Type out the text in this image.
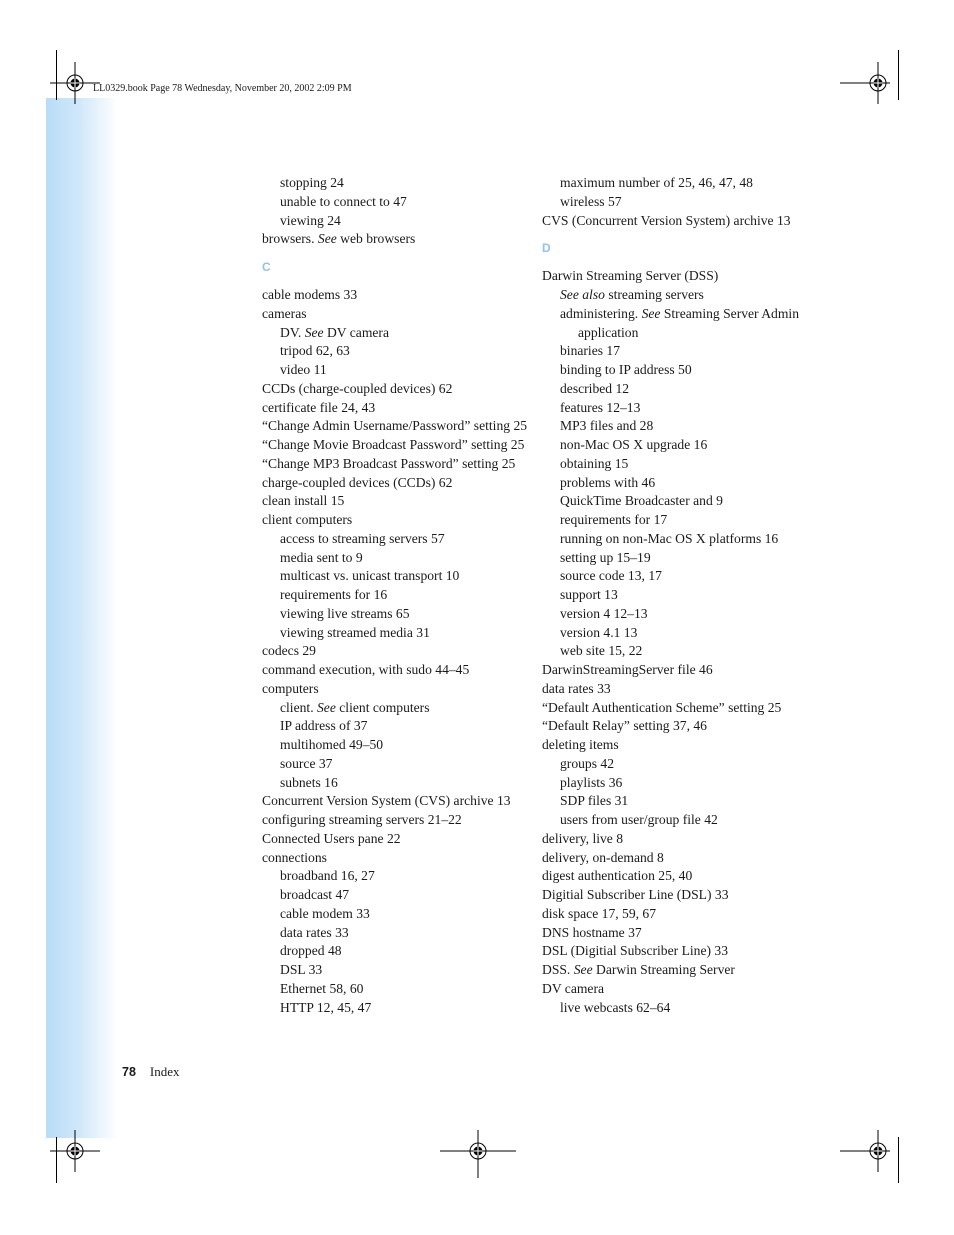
LL0329.book Page 78 Wednesday, November 20, 2002 2:09 PM
stopping 24
unable to connect to 47
viewing 24
browsers. See web browsers
C
cable modems 33
cameras
DV. See DV camera
tripod 62, 63
video 11
CCDs (charge-coupled devices) 62
certificate file 24, 43
“Change Admin Username/Password” setting 25
“Change Movie Broadcast Password” setting 25
“Change MP3 Broadcast Password” setting 25
charge-coupled devices (CCDs) 62
clean install 15
client computers
access to streaming servers 57
media sent to 9
multicast vs. unicast transport 10
requirements for 16
viewing live streams 65
viewing streamed media 31
codecs 29
command execution, with sudo 44–45
computers
client. See client computers
IP address of 37
multihomed 49–50
source 37
subnets 16
Concurrent Version System (CVS) archive 13
configuring streaming servers 21–22
Connected Users pane 22
connections
broadband 16, 27
broadcast 47
cable modem 33
data rates 33
dropped 48
DSL 33
Ethernet 58, 60
HTTP 12, 45, 47
maximum number of 25, 46, 47, 48
wireless 57
CVS (Concurrent Version System) archive 13
D
Darwin Streaming Server (DSS)
See also streaming servers
administering. See Streaming Server Admin
application
binaries 17
binding to IP address 50
described 12
features 12–13
MP3 files and 28
non-Mac OS X upgrade 16
obtaining 15
problems with 46
QuickTime Broadcaster and 9
requirements for 17
running on non-Mac OS X platforms 16
setting up 15–19
source code 13, 17
support 13
version 4 12–13
version 4.1 13
web site 15, 22
DarwinStreamingServer file 46
data rates 33
“Default Authentication Scheme” setting 25
“Default Relay” setting 37, 46
deleting items
groups 42
playlists 36
SDP files 31
users from user/group file 42
delivery, live 8
delivery, on-demand 8
digest authentication 25, 40
Digitial Subscriber Line (DSL) 33
disk space 17, 59, 67
DNS hostname 37
DSL (Digitial Subscriber Line) 33
DSS. See Darwin Streaming Server
DV camera
live webcasts 62–64
78 Index
